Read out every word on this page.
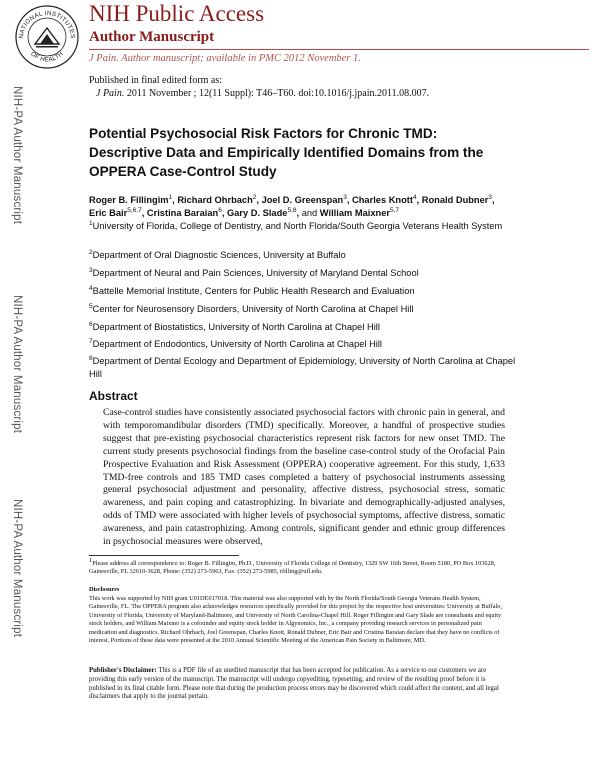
NATIONAL INSTITUTES
OF HEALTH
NIH Public Access
Author Manuscript
J Pain. Author manuscript; available in PMC 2012 November 1.
NIH-PA Author Manuscript
NIH-PA Author Manuscript
NIH-PA Author Manuscript
Published in final edited form as:
J Pain. 2011 November ; 12(11 Suppl): T46–T60. doi:10.1016/j.jpain.2011.08.007.
Potential Psychosocial Risk Factors for Chronic TMD: Descriptive Data and Empirically Identified Domains from the OPPERA Case-Control Study
Roger B. Fillingim$^1$, Richard Ohrbach$^2$, Joel D. Greenspan$^3$, Charles Knott$^4$, Ronald Dubner$^3$, Eric Bair$^{5,6,7}$, Cristina Baraian$^6$, Gary D. Slade$^{5,8}$, and William Maixner$^{5,7}$
$^1$University of Florida, College of Dentistry, and North Florida/South Georgia Veterans Health System
$^2$Department of Oral Diagnostic Sciences, University at Buffalo
$^3$Department of Neural and Pain Sciences, University of Maryland Dental School
$^4$Battelle Memorial Institute, Centers for Public Health Research and Evaluation
$^5$Center for Neurosensory Disorders, University of North Carolina at Chapel Hill
$^6$Department of Biostatistics, University of North Carolina at Chapel Hill
$^7$Department of Endodontics, University of North Carolina at Chapel Hill
$^8$Department of Dental Ecology and Department of Epidemiology, University of North Carolina at Chapel Hill
Abstract
Case-control studies have consistently associated psychosocial factors with chronic pain in general, and with temporomandibular disorders (TMD) specifically. Moreover, a handful of prospective studies suggest that pre-existing psychosocial characteristics represent risk factors for new onset TMD. The current study presents psychosocial findings from the baseline case-control study of the Orofacial Pain Prospective Evaluation and Risk Assessment (OPPERA) cooperative agreement. For this study, 1,633 TMD-free controls and 185 TMD cases completed a battery of psychosocial instruments assessing general psychosocial adjustment and personality, affective distress, psychosocial stress, somatic awareness, and pain coping and catastrophizing. In bivariate and demographically-adjusted analyses, odds of TMD were associated with higher levels of psychosocial symptoms, affective distress, somatic awareness, and pain catastrophizing. Among controls, significant gender and ethnic group differences in psychosocial measures were observed,
$^1$Please address all correspondence to: Roger B. Fillingim, Ph.D., University of Florida College of Dentistry, 1329 SW 16th Street, Room 5180, PO Box 103628, Gainesville, FL 32610-3628, Phone: (352) 273-5963, Fax: (352) 273-5985, rfilling@ufl.edu.
Disclosures
This work was supported by NIH grant U01DE017018. This material was also supported with by the North Florida/South Georgia Veterans Health System, Gainesville, FL. The OPPERA program also acknowledges resources specifically provided for this project by the respective host universities: University at Buffalo, University of Florida, University of Maryland-Baltimore, and University of North Carolina-Chapel Hill. Roger Fillingim and Gary Slade are consultants and equity stock holders, and William Maixner is a cofounder and equity stock holder in Algynomics, Inc., a company providing research services in personalized pain medication and diagnostics. Richard Ohrbach, Joel Greenspan, Charles Knott, Ronald Dubner, Eric Bair and Cristina Baraian declare that they have no conflicts of interest. Portions of these data were presented at the 2010 Annual Scientific Meeting of the American Pain Society in Baltimore, MD.
Publisher's Disclaimer: This is a PDF file of an unedited manuscript that has been accepted for publication. As a service to our customers we are providing this early version of the manuscript. The manuscript will undergo copyediting, typesetting, and review of the resulting proof before it is published in its final citable form. Please note that during the production process errors may be discovered which could affect the content, and all legal disclaimers that apply to the journal pertain.
